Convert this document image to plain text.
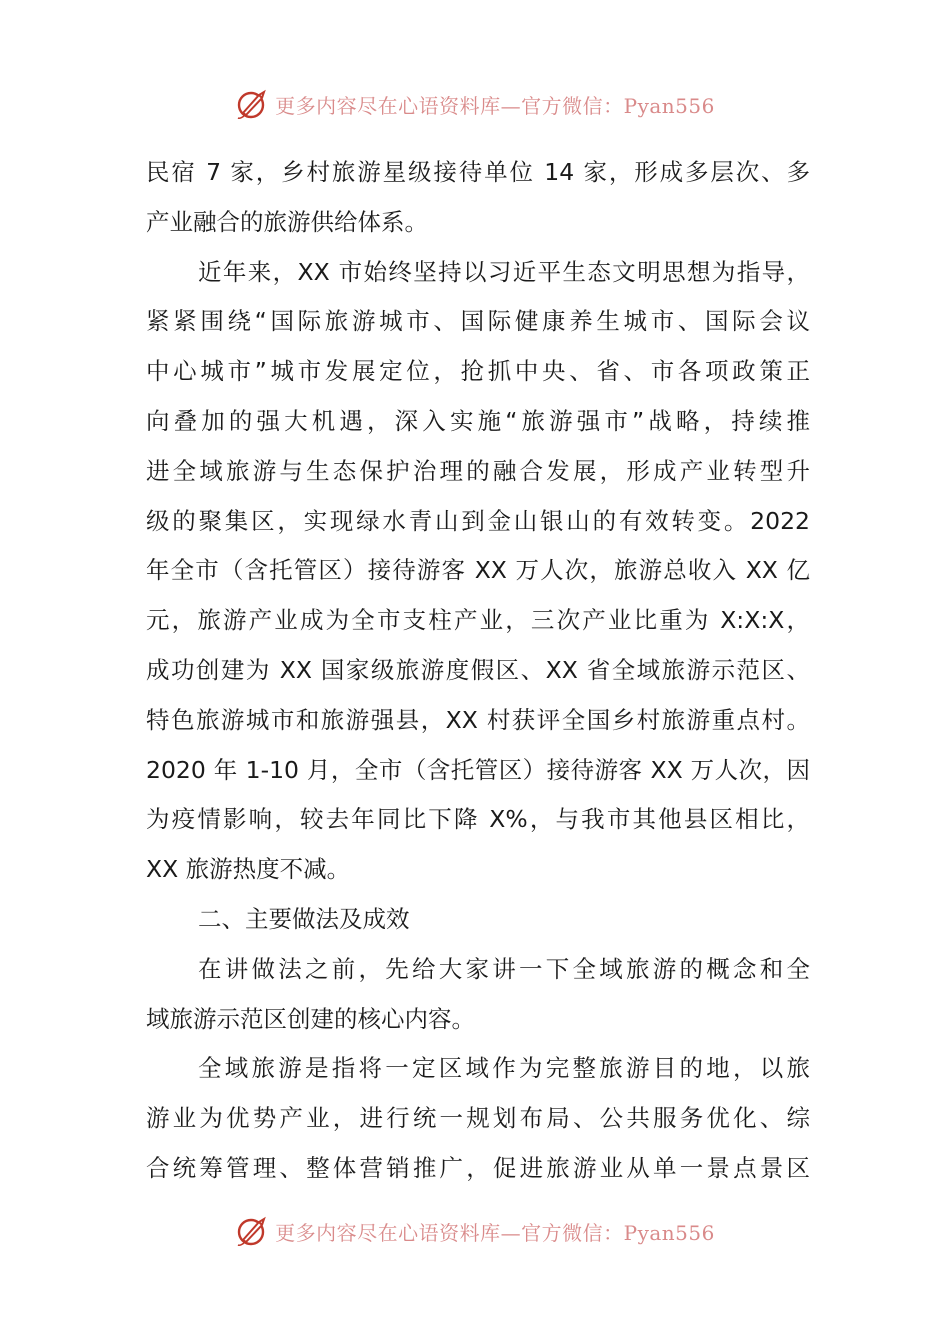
更多内容尽在心语资料库—官方微信：Pyan556
民宿 7 家，乡村旅游星级接待单位 14 家，形成多层次、多
产业融合的旅游供给体系。
近年来，XX 市始终坚持以习近平生态文明思想为指导，
紧紧围绕“国际旅游城市、国际健康养生城市、国际会议
中心城市”城市发展定位，抢抓中央、省、市各项政策正
向叠加的强大机遇，深入实施“旅游强市”战略，持续推
进全域旅游与生态保护治理的融合发展，形成产业转型升
级的聚集区，实现绿水青山到金山银山的有效转变。2022
年全市（含托管区）接待游客 XX 万人次，旅游总收入 XX 亿
元，旅游产业成为全市支柱产业，三次产业比重为 X:X:X，
成功创建为 XX 国家级旅游度假区、XX 省全域旅游示范区、
特色旅游城市和旅游强县，XX 村获评全国乡村旅游重点村。
2020 年 1-10 月，全市（含托管区）接待游客 XX 万人次，因
为疫情影响，较去年同比下降 X%，与我市其他县区相比，
XX 旅游热度不减。
二、主要做法及成效
在讲做法之前，先给大家讲一下全域旅游的概念和全
域旅游示范区创建的核心内容。
全域旅游是指将一定区域作为完整旅游目的地，以旅
游业为优势产业，进行统一规划布局、公共服务优化、综
合统筹管理、整体营销推广，促进旅游业从单一景点景区
更多内容尽在心语资料库—官方微信：Pyan556
